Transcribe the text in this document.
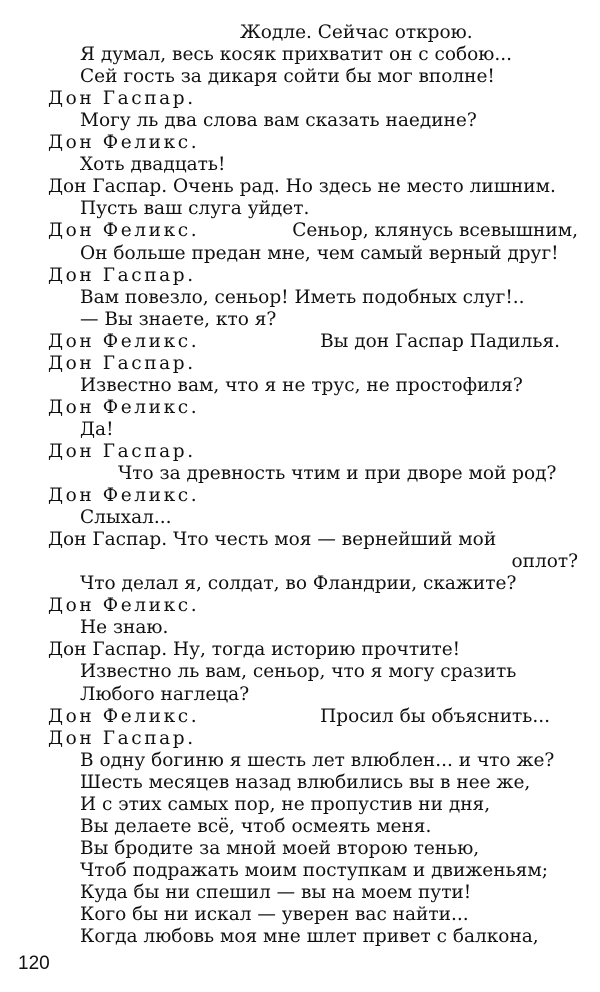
Жодле. Сейчас открою.
Я думал, весь косяк прихватит он с собою...
Сей гость за дикаря сойти бы мог вполне!
Дон Гаспар.
Могу ль два слова вам сказать наедине?
Дон Феликс.
Хоть двадцать!
Дон Гаспар. Очень рад. Но здесь не место лишним.
Пусть ваш слуга уйдет.
Дон Феликс.	Сеньор, клянусь всевышним,
Он больше предан мне, чем самый верный друг!
Дон Гаспар.
Вам повезло, сеньор! Иметь подобных слуг!..
— Вы знаете, кто я?
Дон Феликс.	Вы дон Гаспар Падилья.
Дон Гаспар.
Известно вам, что я не трус, не простофиля?
Дон Феликс.
Да!
Дон Гаспар.
Что за древность чтим и при дворе мой род?
Дон Феликс.
Слыхал...
Дон Гаспар. Что честь моя — вернейший мой
оплот?
Что делал я, солдат, во Фландрии, скажите?
Дон Феликс.
Не знаю.
Дон Гаспар. Ну, тогда историю прочтите!
Известно ль вам, сеньор, что я могу сразить
Любого наглеца?
Дон Феликс.	Просил бы объяснить...
Дон Гаспар.
В одну богиню я шесть лет влюблен... и что же?
Шесть месяцев назад влюбились вы в нее же,
И с этих самых пор, не пропустив ни дня,
Вы делаете всё, чтоб осмеять меня.
Вы бродите за мной моей второю тенью,
Чтоб подражать моим поступкам и движеньям;
Куда бы ни спешил — вы на моем пути!
Кого бы ни искал — уверен вас найти...
Когда любовь моя мне шлет привет с балкона,
120
